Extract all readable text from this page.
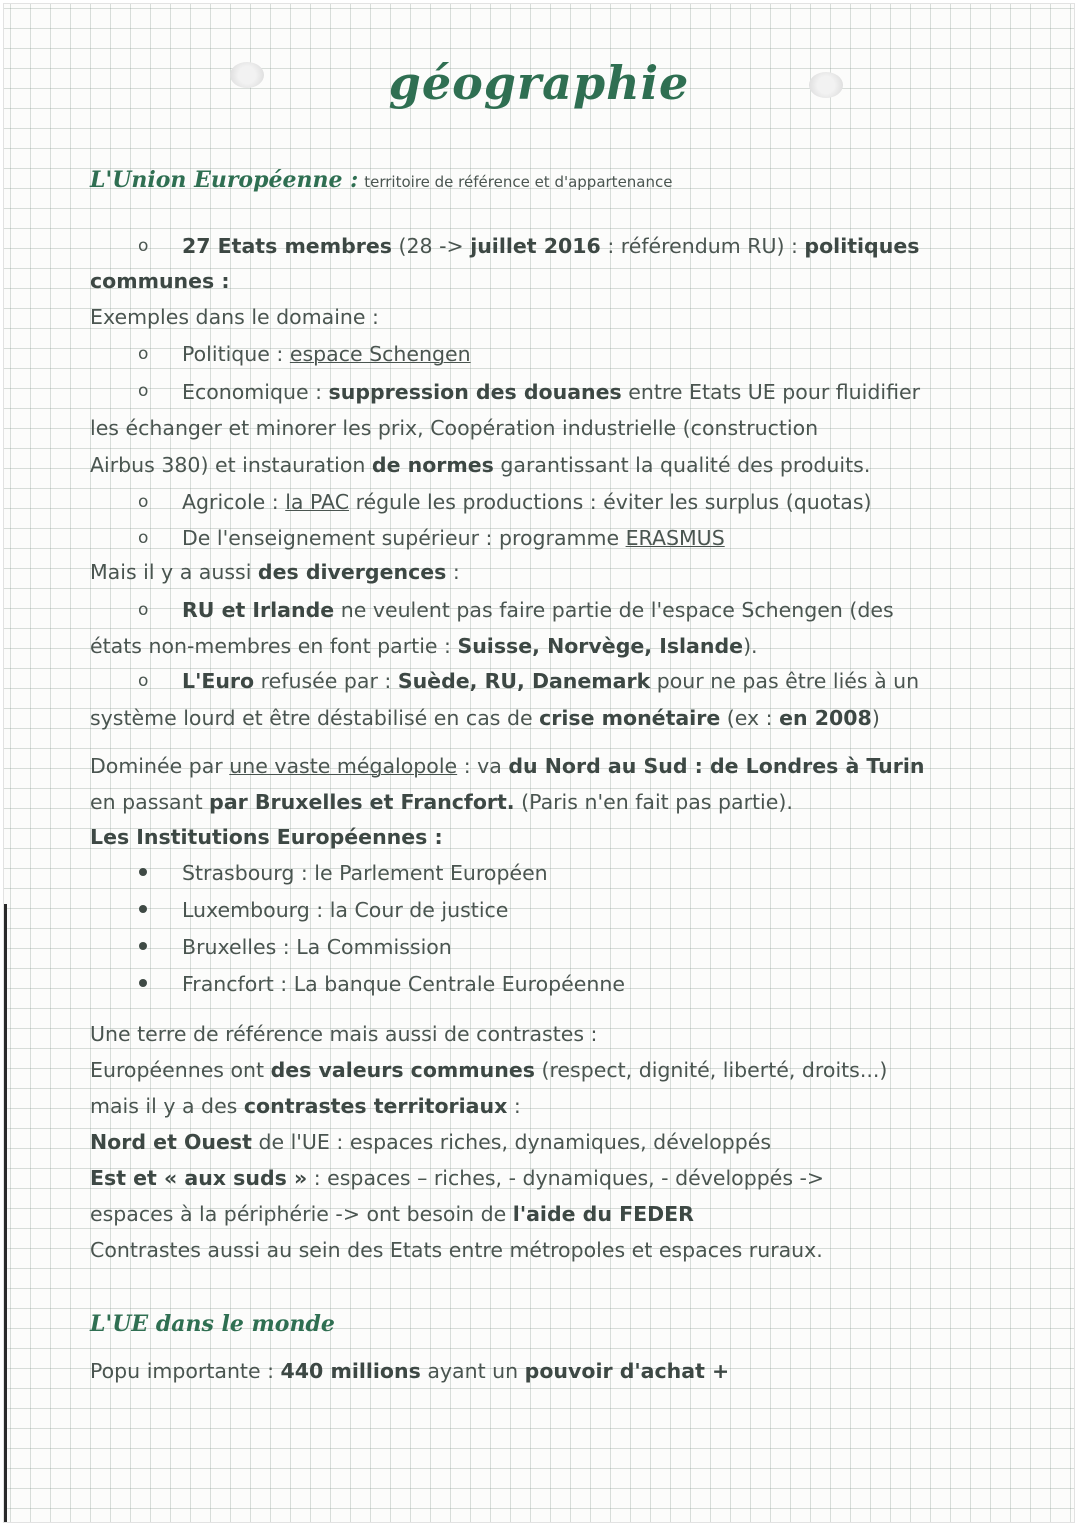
géographie
L'Union Européenne : territoire de référence et d'appartenance
o 27 Etats membres (28 -> juillet 2016 : référendum RU) : politiques
communes :
Exemples dans le domaine :
o Politique : espace Schengen
o Economique : suppression des douanes entre Etats UE pour fluidifier
les échanger et minorer les prix, Coopération industrielle (construction
Airbus 380) et instauration de normes garantissant la qualité des produits.
o Agricole : la PAC régule les productions : éviter les surplus (quotas)
o De l'enseignement supérieur : programme ERASMUS
Mais il y a aussi des divergences :
o RU et Irlande ne veulent pas faire partie de l'espace Schengen (des
états non-membres en font partie : Suisse, Norvège, Islande).
o L'Euro refusée par : Suède, RU, Danemark pour ne pas être liés à un
système lourd et être déstabilisé en cas de crise monétaire (ex : en 2008)
Dominée par une vaste mégalopole : va du Nord au Sud : de Londres à Turin
en passant par Bruxelles et Francfort. (Paris n'en fait pas partie).
Les Institutions Européennes :
Strasbourg : le Parlement Européen
Luxembourg : la Cour de justice
Bruxelles : La Commission
Francfort : La banque Centrale Européenne
Une terre de référence mais aussi de contrastes :
Européennes ont des valeurs communes (respect, dignité, liberté, droits...)
mais il y a des contrastes territoriaux :
Nord et Ouest de l'UE : espaces riches, dynamiques, développés
Est et « aux suds » : espaces – riches, - dynamiques, - développés ->
espaces à la périphérie -> ont besoin de l'aide du FEDER
Contrastes aussi au sein des Etats entre métropoles et espaces ruraux.
L'UE dans le monde
Popu importante : 440 millions ayant un pouvoir d'achat +
